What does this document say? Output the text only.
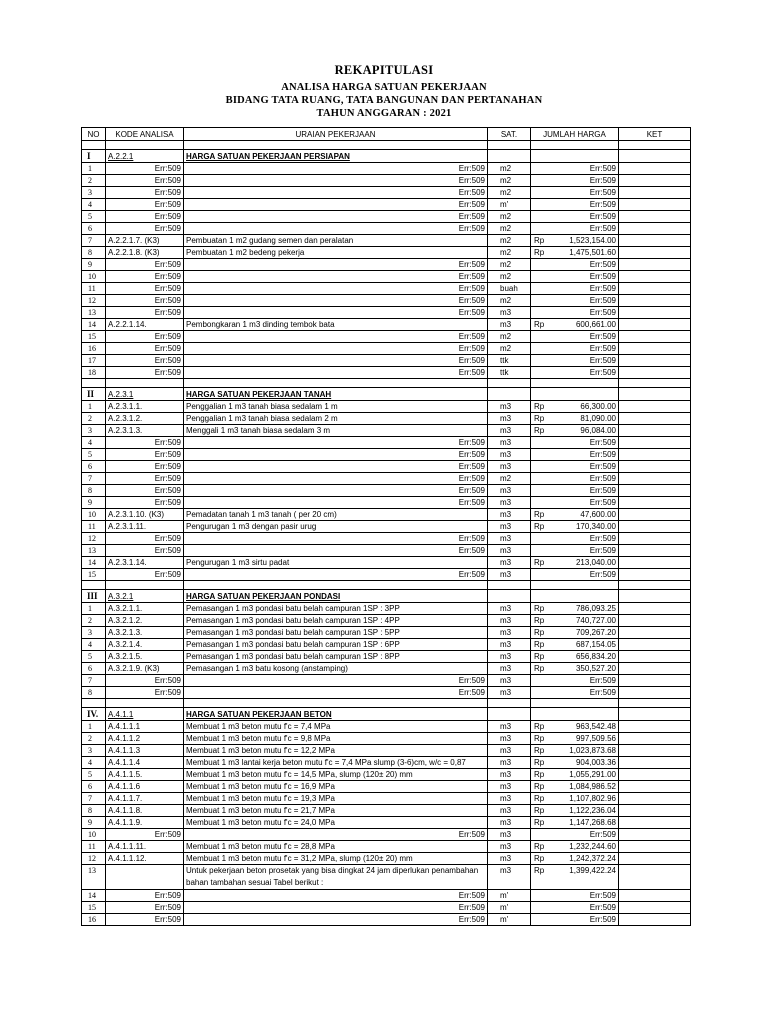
REKAPITULASI
ANALISA HARGA SATUAN PEKERJAAN
BIDANG TATA RUANG, TATA BANGUNAN DAN PERTANAHAN
TAHUN ANGGARAN : 2021
NO	KODE ANALISA	URAIAN PEKERJAAN	SAT.	JUMLAH HARGA	KET

I	A.2.2.1	HARGA SATUAN PEKERJAAN PERSIAPAN			
1	Err:509	Err:509	m2	Err:509	
2	Err:509	Err:509	m2	Err:509	
3	Err:509	Err:509	m2	Err:509	
4	Err:509	Err:509	m'	Err:509	
5	Err:509	Err:509	m2	Err:509	
6	Err:509	Err:509	m2	Err:509	
7	A.2.2.1.7. (K3)	Pembuatan 1 m2 gudang semen dan peralatan	m2	Rp 1,523,154.00	
8	A.2.2.1.8. (K3)	Pembuatan 1 m2 bedeng pekerja	m2	Rp 1,475,501.60	
9	Err:509	Err:509	m2	Err:509	
10	Err:509	Err:509	m2	Err:509	
11	Err:509	Err:509	buah	Err:509	
12	Err:509	Err:509	m2	Err:509	
13	Err:509	Err:509	m3	Err:509	
14	A.2.2.1.14.	Pembongkaran 1 m3 dinding tembok bata	m3	Rp 600,661.00	
15	Err:509	Err:509	m2	Err:509	
16	Err:509	Err:509	m2	Err:509	
17	Err:509	Err:509	ttk	Err:509	
18	Err:509	Err:509	ttk	Err:509	

II	A.2.3.1	HARGA SATUAN PEKERJAAN TANAH			
1	A.2.3.1.1.	Penggalian 1 m3 tanah biasa sedalam 1 m	m3	Rp 66,300.00	
2	A.2.3.1.2.	Penggalian 1 m3 tanah biasa sedalam 2 m	m3	Rp 81,090.00	
3	A.2.3.1.3.	Menggali 1 m3 tanah biasa sedalam 3 m	m3	Rp 96,084.00	
4	Err:509	Err:509	m3	Err:509	
5	Err:509	Err:509	m3	Err:509	
6	Err:509	Err:509	m3	Err:509	
7	Err:509	Err:509	m2	Err:509	
8	Err:509	Err:509	m3	Err:509	
9	Err:509	Err:509	m3	Err:509	
10	A.2.3.1.10. (K3)	Pemadatan tanah 1 m3 tanah ( per 20 cm)	m3	Rp 47,600.00	
11	A.2.3.1.11.	Pengurugan 1 m3 dengan pasir urug	m3	Rp 170,340.00	
12	Err:509	Err:509	m3	Err:509	
13	Err:509	Err:509	m3	Err:509	
14	A.2.3.1.14.	Pengurugan 1 m3 sirtu padat	m3	Rp 213,040.00	
15	Err:509	Err:509	m3	Err:509	

III	A.3.2.1	HARGA SATUAN PEKERJAAN PONDASI			
1	A.3.2.1.1.	Pemasangan 1 m3 pondasi batu belah campuran 1SP : 3PP	m3	Rp 786,093.25	
2	A.3.2.1.2.	Pemasangan 1 m3 pondasi batu belah campuran 1SP : 4PP	m3	Rp 740,727.00	
3	A.3.2.1.3.	Pemasangan 1 m3 pondasi batu belah campuran 1SP : 5PP	m3	Rp 709,267.20	
4	A.3.2.1.4.	Pemasangan 1 m3 pondasi batu belah campuran 1SP : 6PP	m3	Rp 687,154.05	
5	A.3.2.1.5.	Pemasangan 1 m3 pondasi batu belah campuran 1SP : 8PP	m3	Rp 656,834.20	
6	A.3.2.1.9. (K3)	Pemasangan 1 m3 batu kosong (anstamping)	m3	Rp 350,527.20	
7	Err:509	Err:509	m3	Err:509	
8	Err:509	Err:509	m3	Err:509	

IV.	A.4.1.1	HARGA SATUAN PEKERJAAN BETON			
1	A.4.1.1.1	Membuat 1 m3 beton mutu f'c = 7,4 MPa	m3	Rp 963,542.48	
2	A.4.1.1.2	Membuat 1 m3 beton mutu f'c = 9,8 MPa	m3	Rp 997,509.56	
3	A.4.1.1.3	Membuat 1 m3 beton mutu f'c = 12,2 MPa	m3	Rp 1,023,873.68	
4	A.4.1.1.4	Membuat 1 m3 lantai kerja beton mutu f'c = 7,4 MPa slump (3-6)cm, w/c = 0,87	m3	Rp 904,003.36	
5	A.4.1.1.5.	Membuat 1 m3 beton mutu f'c = 14,5 MPa, slump (120± 20) mm	m3	Rp 1,055,291.00	
6	A.4.1.1.6	Membuat 1 m3 beton mutu f'c = 16,9 MPa	m3	Rp 1,084,986.52	
7	A.4.1.1.7.	Membuat 1 m3 beton mutu f'c = 19,3 MPa	m3	Rp 1,107,802.96	
8	A.4.1.1.8.	Membuat 1 m3 beton mutu f'c = 21,7 MPa	m3	Rp 1,122,236.04	
9	A.4.1.1.9.	Membuat 1 m3 beton mutu f'c = 24,0 MPa	m3	Rp 1,147,268.68	
10	Err:509	Err:509	m3	Err:509	
11	A.4.1.1.11.	Membuat 1 m3 beton mutu f'c = 28,8 MPa	m3	Rp 1,232,244.60	
12	A.4.1.1.12.	Membuat 1 m3 beton mutu f'c = 31,2 MPa, slump (120± 20) mm	m3	Rp 1,242,372.24	
13		Untuk pekerjaan beton prosetak yang bisa dingkat 24 jam diperlukan penambahan bahan tambahan sesuai Tabel berikut :	m3	Rp 1,399,422.24	
14	Err:509	Err:509	m'	Err:509	
15	Err:509	Err:509	m'	Err:509	
16	Err:509	Err:509	m'	Err:509	
